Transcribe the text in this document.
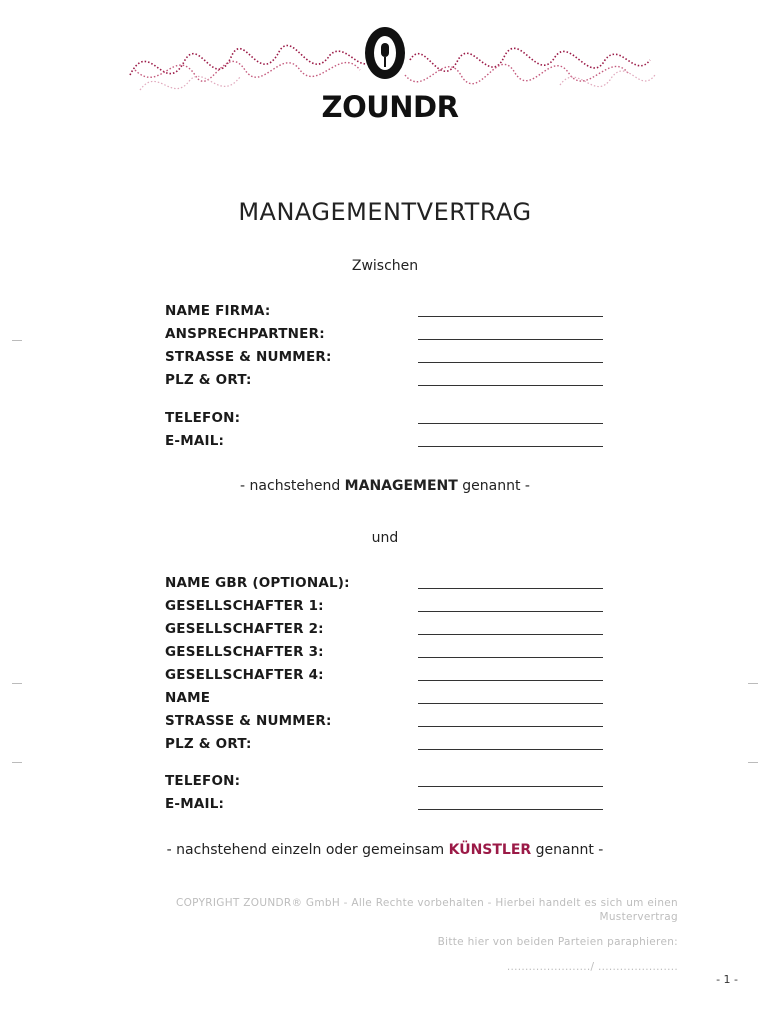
ZOUNDR
MANAGEMENTVERTRAG
Zwischen
NAME FIRMA:
ANSPRECHPARTNER:
STRASSE & NUMMER:
PLZ & ORT:
TELEFON:
E-MAIL:
- nachstehend MANAGEMENT genannt -
und
NAME GBR (OPTIONAL):
GESELLSCHAFTER 1:
GESELLSCHAFTER 2:
GESELLSCHAFTER 3:
GESELLSCHAFTER 4:
NAME
STRASSE & NUMMER:
PLZ & ORT:
TELEFON:
E-MAIL:
- nachstehend einzeln oder gemeinsam KÜNSTLER genannt -
COPYRIGHT ZOUNDR® GmbH - Alle Rechte vorbehalten - Hierbei handelt es sich um einen
Mustervertrag
Bitte hier von beiden Parteien paraphieren:
......................./ ......................
- 1 -
